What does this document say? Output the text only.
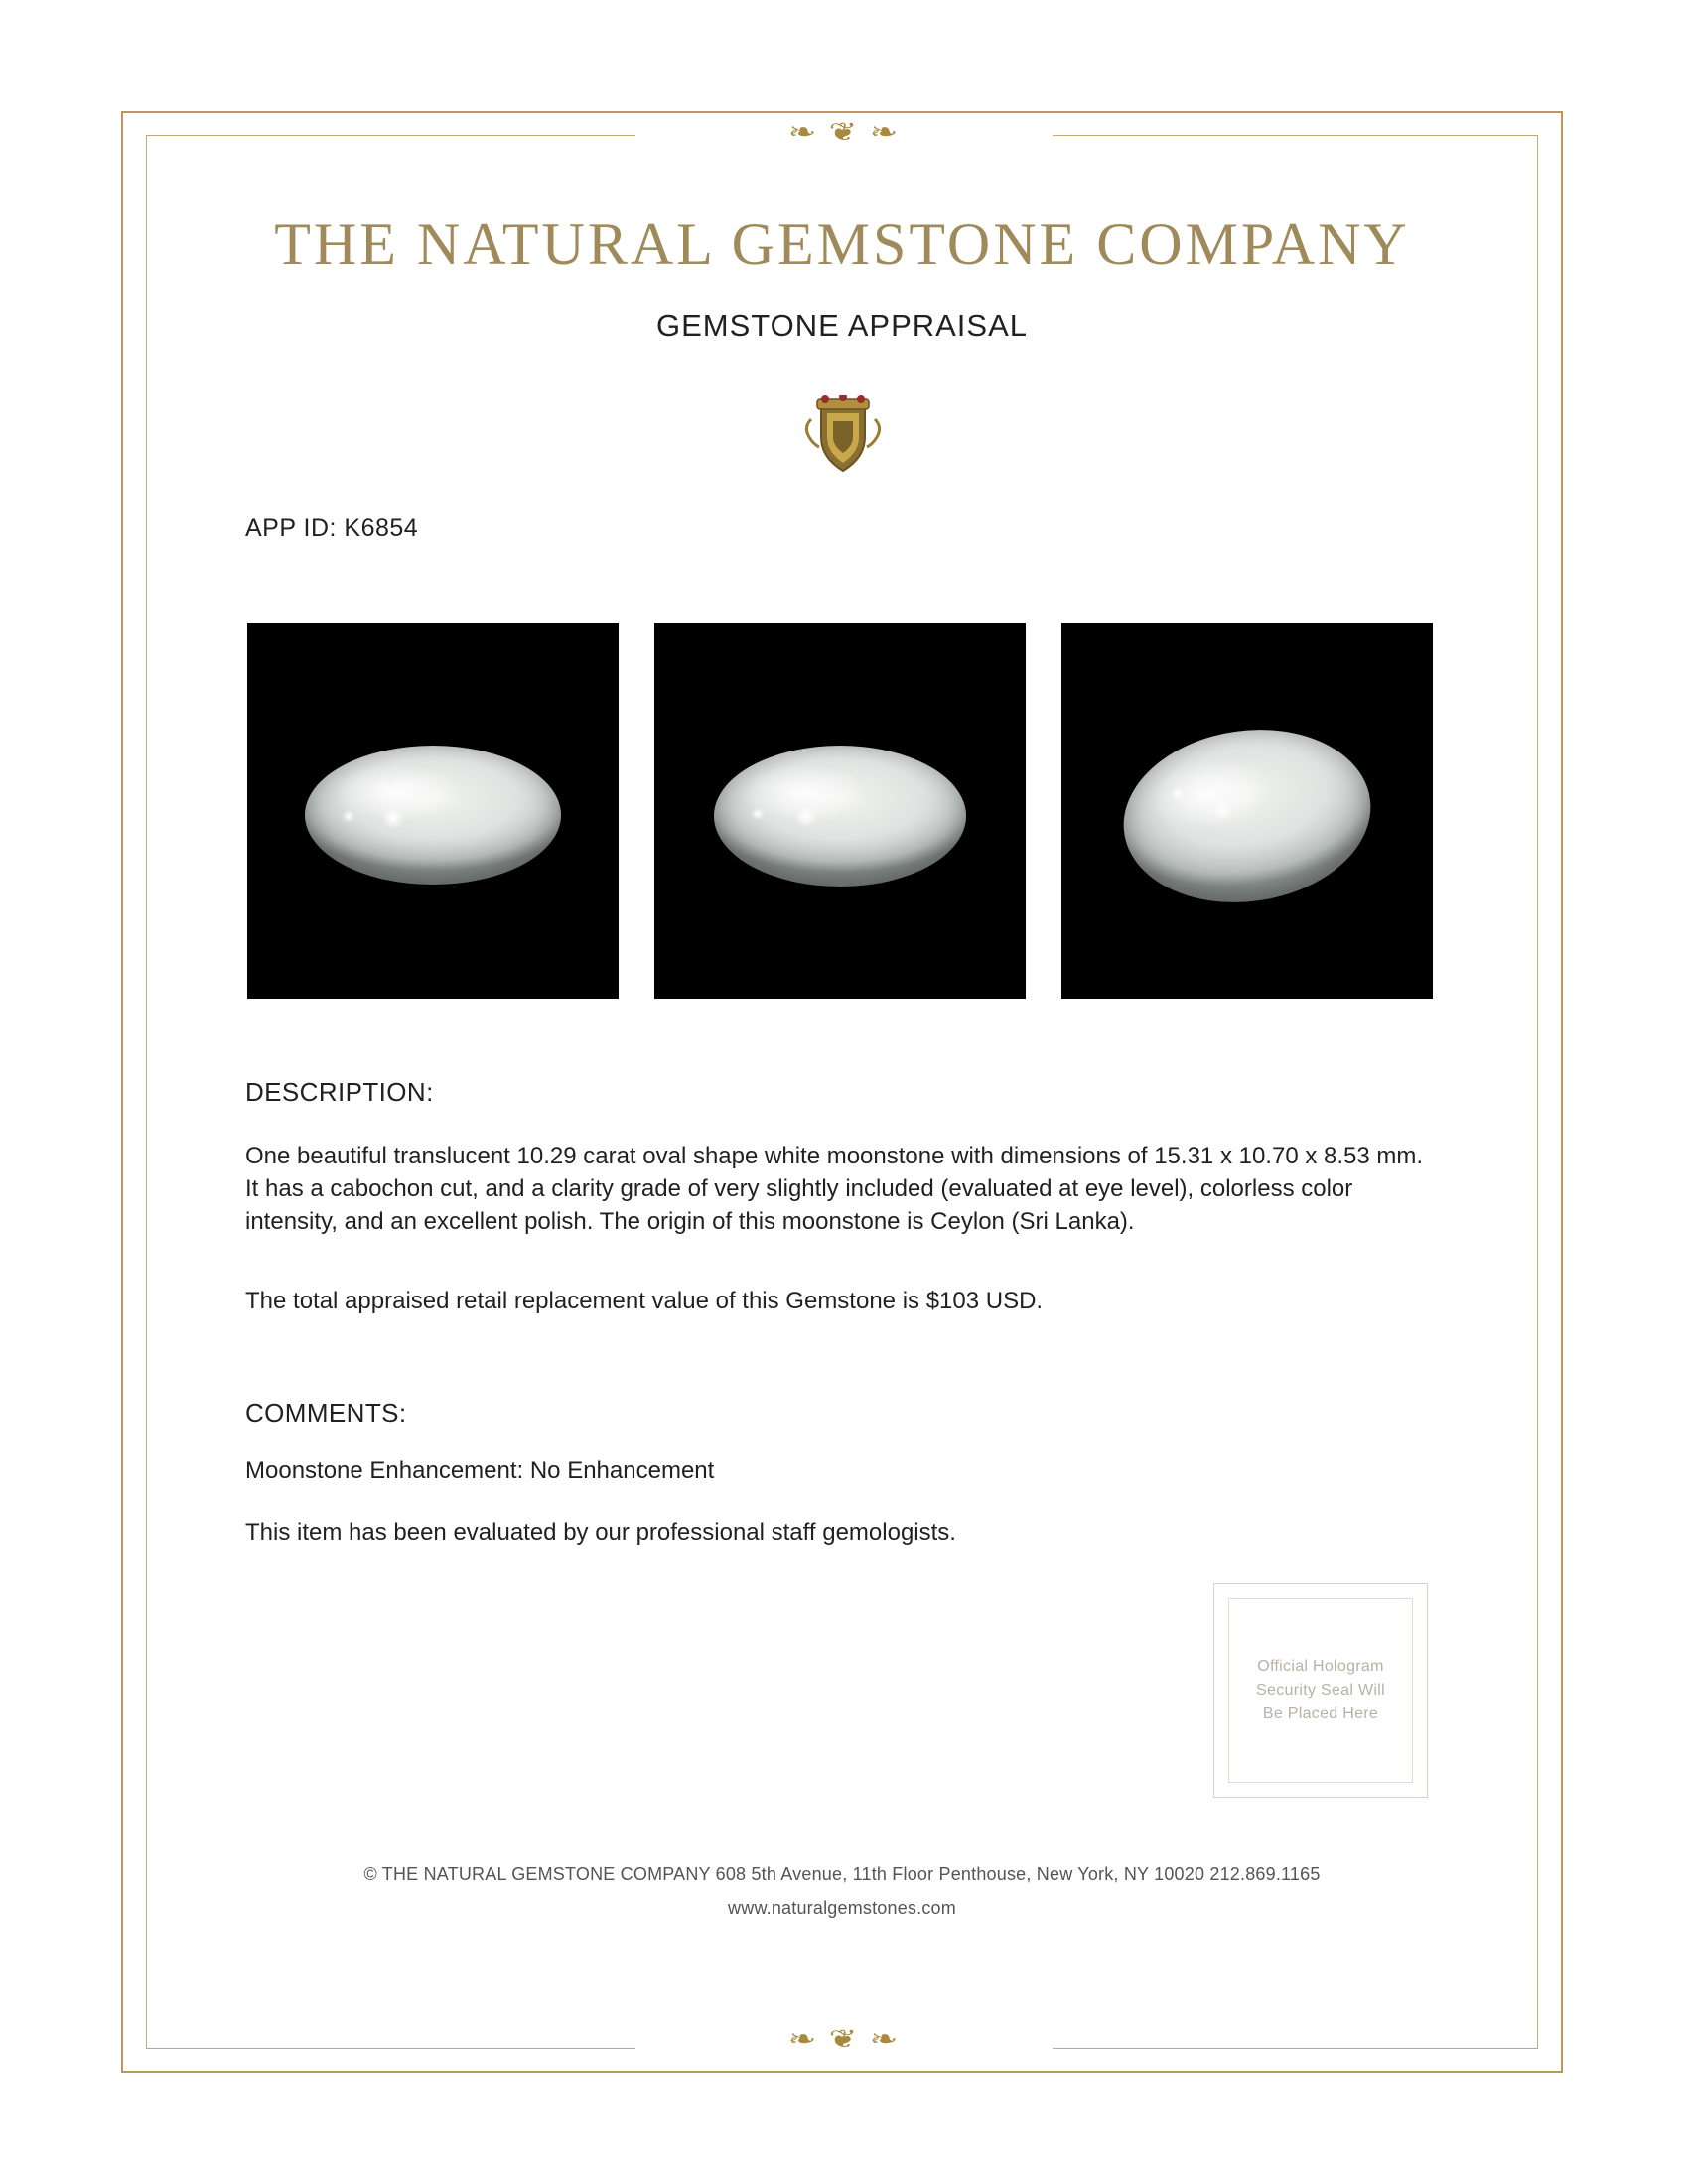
❧ ❦ ❧
THE NATURAL GEMSTONE COMPANY
GEMSTONE APPRAISAL
APP ID: K6854
DESCRIPTION:
One beautiful translucent 10.29 carat oval shape white moonstone with dimensions of 15.31 x 10.70 x 8.53 mm. It has a cabochon cut, and a clarity grade of very slightly included (evaluated at eye level), colorless color intensity, and an excellent polish. The origin of this moonstone is Ceylon (Sri Lanka).
The total appraised retail replacement value of this Gemstone is $103 USD.
COMMENTS:
Moonstone Enhancement: No Enhancement
This item has been evaluated by our professional staff gemologists.
Official Hologram
Security Seal Will
Be Placed Here
© THE NATURAL GEMSTONE COMPANY 608 5th Avenue, 11th Floor Penthouse, New York, NY 10020 212.869.1165
www.naturalgemstones.com
❧ ❦ ❧
